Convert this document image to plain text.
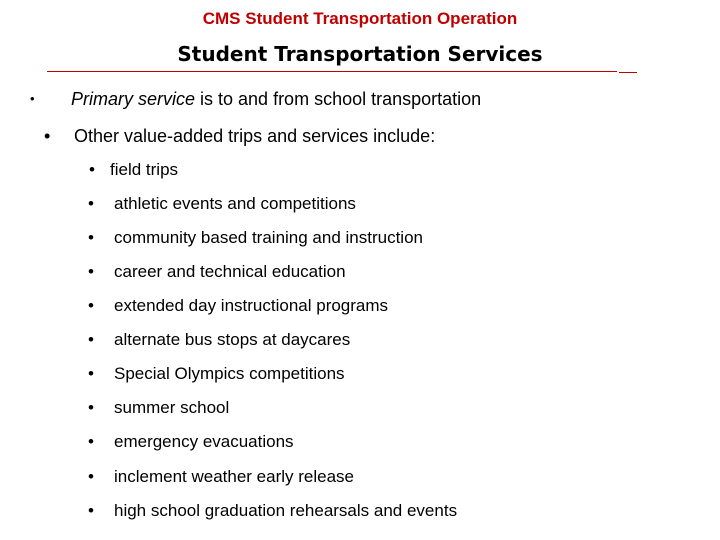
CMS Student Transportation Operation
Student Transportation Services
• Primary service is to and from school transportation
• Other value-added trips and services include:
• field trips
• athletic events and competitions
• community based training and instruction
• career and technical education
• extended day instructional programs
• alternate bus stops at daycares
• Special Olympics competitions
• summer school
• emergency evacuations
• inclement weather early release
• high school graduation rehearsals and events
